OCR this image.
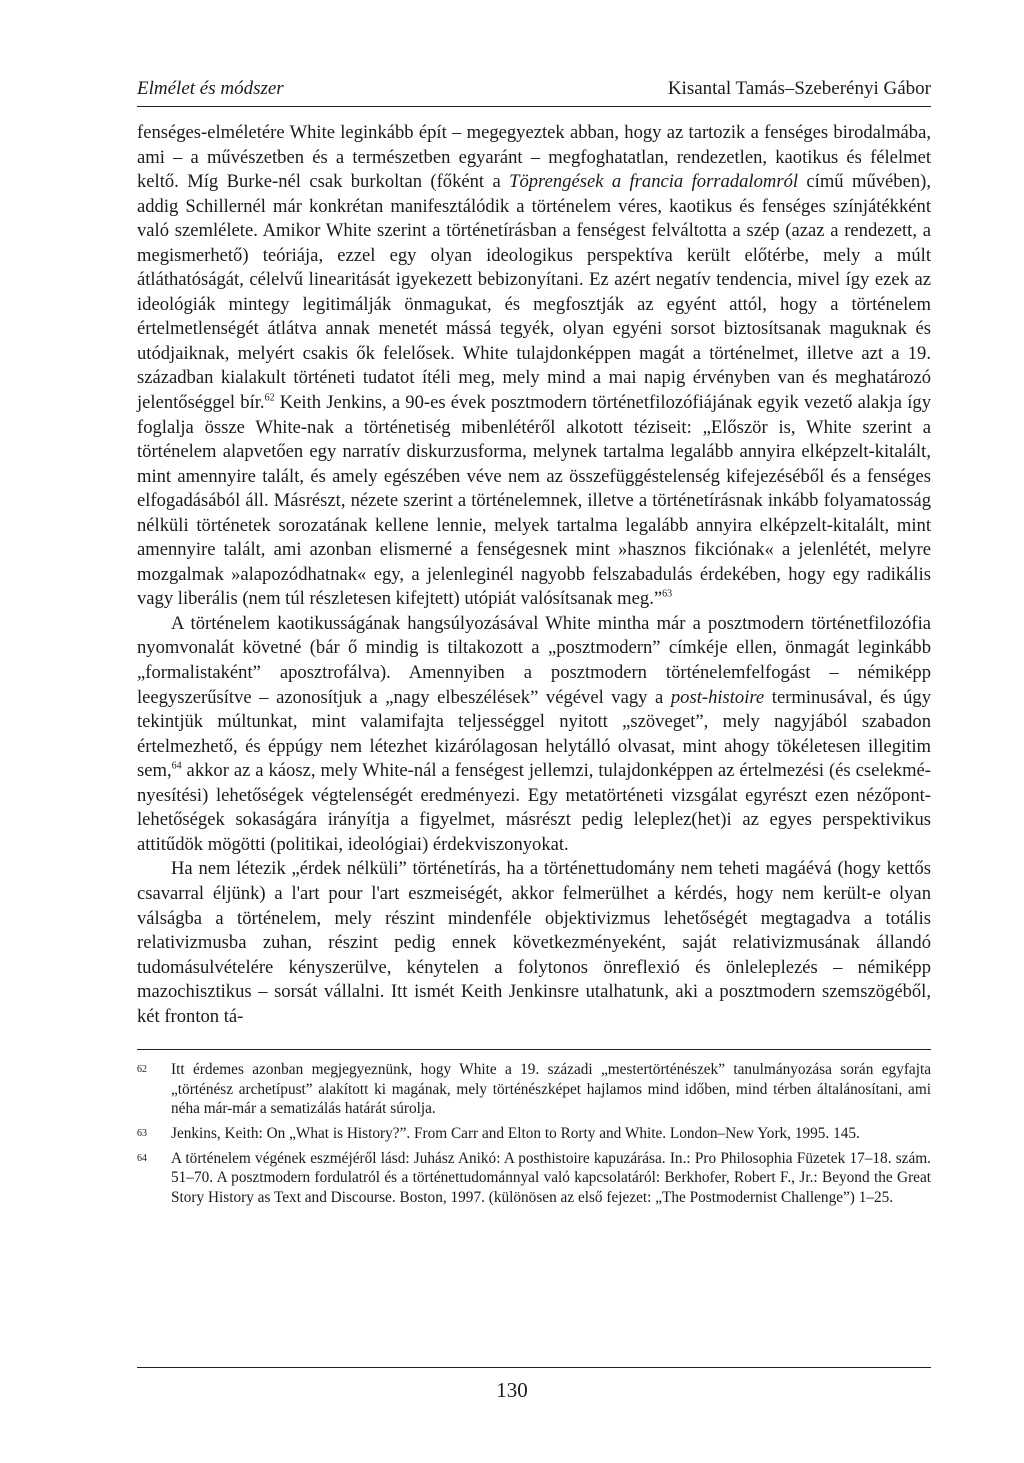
Elmélet és módszer	Kisantal Tamás–Szeberényi Gábor

fenséges-elméletére White leginkább épít – megegyeztek abban, hogy az tartozik a fenséges birodalmába, ami – a művészetben és a természetben egyaránt – megfoghatatlan, rendezetlen, kaotikus és félelmet keltő. Míg Burke-nél csak burkoltan (főként a Töprengések a francia forradalomról című művében), addig Schillernél már konkrétan manifesztálódik a történelem véres, kaotikus és fenséges színjátékként való szemlélete. Amikor White szerint a történetírásban a fenségest felváltotta a szép (azaz a rendezett, a megismerhető) teóriája, ezzel egy olyan ideologikus perspektíva került előtérbe, mely a múlt átláthatóságát, célelvű linearitását igyekezett bebizonyítani. Ez azért negatív tendencia, mivel így ezek az ideológiák mintegy legitimálják önmagukat, és megfosztják az egyént attól, hogy a történelem értelmetlenségét átlátva annak menetét mássá tegyék, olyan egyéni sorsot biztosítsanak maguknak és utódjaiknak, melyért csakis ők felelősek. White tulajdonképpen magát a történelmet, illetve azt a 19. században kialakult történeti tudatot ítéli meg, mely mind a mai napig érvényben van és meghatározó jelentőséggel bír.$^{62}$ Keith Jenkins, a 90-es évek posztmodern történetfilozófiájának egyik vezető alakja így foglalja össze White-nak a történetiség mibenlétéről alkotott téziseit: „Először is, White szerint a történelem alapvetően egy narratív diskurzusforma, melynek tartalma legalább annyira elképzelt-kitalált, mint amennyire talált, és amely egészében véve nem az összefüggéstelenség kifejezéséből és a fenséges elfogadásából áll. Másrészt, nézete szerint a történelemnek, illetve a történetírásnak inkább folyamatosság nélküli történetek sorozatának kellene lennie, melyek tartalma legalább annyira elképzelt-kitalált, mint amennyire talált, ami azonban elismerné a fenségesnek mint »hasznos fikciónak« a jelenlétét, melyre mozgalmak »alapozódhatnak« egy, a jelenleginél nagyobb felszabadulás érdekében, hogy egy radikális vagy liberális (nem túl részletesen kifejtett) utópiát valósítsanak meg.”$^{63}$

A történelem kaotikusságának hangsúlyozásával White mintha már a posztmodern történetfilozófia nyomvonalát követné (bár ő mindig is tiltakozott a „posztmodern” címkéje ellen, önmagát leginkább „formalistaként” aposztrofálva). Amennyiben a posztmodern történelemfelfogást – némiképp leegyszerűsítve – azonosítjuk a „nagy elbeszélések” végével vagy a post-histoire terminusával, és úgy tekintjük múltunkat, mint valamifajta teljességgel nyitott „szöveget”, mely nagyjából szabadon értelmezhető, és éppúgy nem létezhet kizárólagosan helytálló olvasat, mint ahogy tökéletesen illegitim sem,$^{64}$ akkor az a káosz, mely White-nál a fenségest jellemzi, tulajdonképpen az értelmezési (és cselekményesítési) lehetőségek végtelenségét eredményezi. Egy metatörténeti vizsgálat egyrészt ezen nézőpont-lehetőségek sokaságára irányítja a figyelmet, másrészt pedig leleplez(het)i az egyes perspektivikus attitűdök mögötti (politikai, ideológiai) érdekviszonyokat.

Ha nem létezik „érdek nélküli” történetírás, ha a történettudomány nem teheti magáévá (hogy kettős csavarral éljünk) a l'art pour l'art eszmeiségét, akkor felmerülhet a kérdés, hogy nem került-e olyan válságba a történelem, mely részint mindenféle objektivizmus lehetőségét megtagadva a totális relativizmusba zuhan, részint pedig ennek következményeként, saját relativizmusának állandó tudomásulvételére kényszerülve, kénytelen a folytonos önreflexió és önleleplezés – némiképp mazochisztikus – sorsát vállalni. Itt ismét Keith Jenkinsre utalhatunk, aki a posztmodern szemszögéből, két fronton tá-

62	Itt érdemes azonban megjegyeznünk, hogy White a 19. századi „mestertörténészek” tanulmányozása során egyfajta „történész archetípust” alakított ki magának, mely történészképet hajlamos mind időben, mind térben általánosítani, ami néha már-már a sematizálás határát súrolja.
63	Jenkins, Keith: On „What is History?”. From Carr and Elton to Rorty and White. London–New York, 1995. 145.
64	A történelem végének eszméjéről lásd: Juhász Anikó: A posthistoire kapuzárása. In.: Pro Philosophia Füzetek 17–18. szám. 51–70. A posztmodern fordulatról és a történettudománnyal való kapcsolatáról: Berkhofer, Robert F., Jr.: Beyond the Great Story History as Text and Discourse. Boston, 1997. (különösen az első fejezet: „The Postmodernist Challenge”) 1–25.
130
